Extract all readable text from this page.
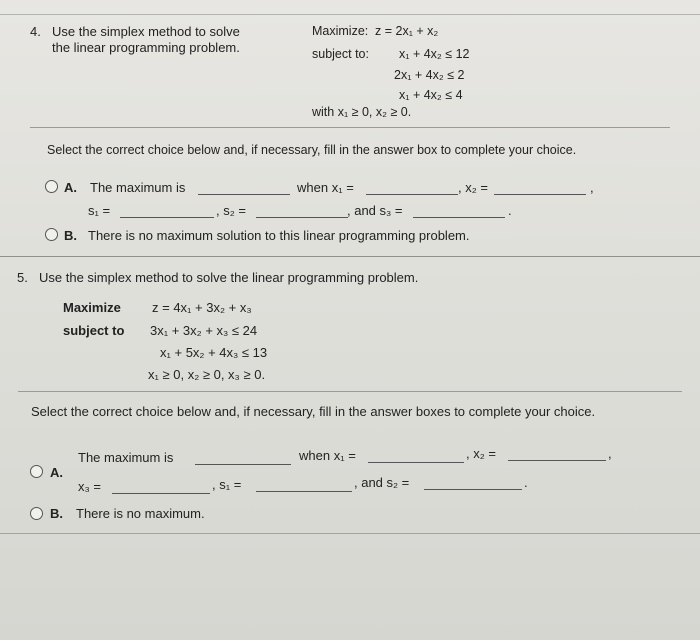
4. Use the simplex method to solve
the linear programming problem.
Maximize: z = 2x₁ + x₂
subject to: x₁ + 4x₂ ≤ 12
2x₁ + 4x₂ ≤ 2
x₁ + 4x₂ ≤ 4
with x₁ ≥ 0, x₂ ≥ 0.
Select the correct choice below and, if necessary, fill in the answer box to complete your choice.
A. The maximum is	when x₁ =	, x₂ =	,
s₁ =	, s₂ =	, and s₃ =	.
B. There is no maximum solution to this linear programming problem.
5. Use the simplex method to solve the linear programming problem.
Maximize z = 4x₁ + 3x₂ + x₃
subject to 3x₁ + 3x₂ + x₃ ≤ 24
x₁ + 5x₂ + 4x₃ ≤ 13
x₁ ≥ 0, x₂ ≥ 0, x₃ ≥ 0.
Select the correct choice below and, if necessary, fill in the answer boxes to complete your choice.
The maximum is	when x₁ =	, x₂ =	,
A.
x₃ =	, s₁ =	, and s₂ =	.
B. There is no maximum.
